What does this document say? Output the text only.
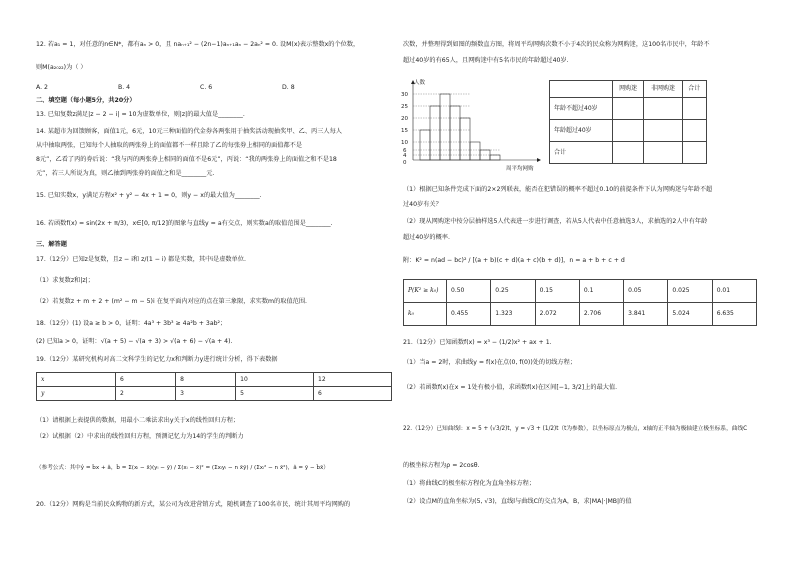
12. 若a₁ = 1，对任意的n∈N*，都有aₙ > 0，且 naₙ₊₁² − (2n−1)aₙ₊₁aₙ − 2aₙ² = 0. 设M(x)表示整数x的个位数，
则M(a₂₀₂₂)为（ ）
A. 2	B. 4	C. 6	D. 8
二、填空题（每小题5分，共20分）
13. 已知复数z满足|z − 2 − i| = 10为虚数单位，则|z|的最大值是________.
14. 某超市为回馈顾客，面值1元，6元，10元三种面值的代金券各两张用于抽奖活动现抽奖甲、乙、丙三人每人
从中抽取两张，已知每个人抽取的两张券上的面值都不一样且除了乙的每张券上相同的面值都不是
8元”，乙看了丙的券后说：“我与丙的两张券上相同的面值不是6元”，丙说：“我的两张券上的面值之和不是18
元”，若三人所说为真，则乙抽到两张券的面值之和是________元.
15. 已知实数x，y满足方程x² + y² − 4x + 1 = 0，则y − x的最大值为________.
16. 若函数f(x) = sin(2x + π/3)，x∈[0, π/12]的图象与直线y = a有交点，则实数a的取值范围是________.
三、解答题
17.（12分）已知z是复数，且z − i和 z/(1 − i) 都是实数，其中i是虚数单位.
（1）求复数z和|z|；
（2）若复数z + m + 2 + (m² − m − 5)i 在复平面内对应的点在第三象限，求实数m的取值范围.
18.（12分）(1) 设a ≥ b > 0，证明：4a³ + 3b³ ≥ 4a²b + 3ab²；
(2) 已知a > 0，证明：√(a + 5) − √(a + 3) > √(a + 6) − √(a + 4).
19.（12分）某研究机构对高二文科学生的记忆力x和判断力y进行统计分析，得下表数据
x	6	8	10	12
y	2	3	5	6
（1）请根据上表提供的数据，用最小二乘法求出y关于x的线性回归方程；
（2）试根据（2）中求出的线性回归方程，预测记忆力为14的学生的判断力
（参考公式：其中ŷ = b̂x + â，b̂ = Σ(xᵢ − x̄)(yᵢ − ȳ) / Σ(xᵢ − x̄)² = (Σxᵢyᵢ − n x̄ȳ) / (Σxᵢ² − n x̄²)，â = ȳ − b̂x̄）
20.（12分）网购是当前民众购物的新方式，某公司为改进营销方式，随机调查了100名市民，统计其周平均网购的
次数，并整理得到如图的频数直方图，将周平均网购次数不小于4次的民众称为网购迷，这100名市民中，年龄不
超过40岁的有65人，且网购迷中有5名市民的年龄超过40岁.
人数
30
25
20
15
10
6
4
0
周平均网购
	网购迷	非网购迷	合计
年龄不超过40岁			
年龄超过40岁			
合计			
（1）根据已知条件完成下面的2×2列联表，能否在犯错误的概率不超过0.10的前提条件下认为网购迷与年龄不超
过40岁有关？
（2）现从网购迷中按分层抽样选5人代表进一步进行调查，若从5人代表中任意抽选3人，求抽选的2人中有年龄
超过40岁的概率.
附：K² = n(ad − bc)² / [(a + b)(c + d)(a + c)(b + d)]，n = a + b + c + d
P(K² ≥ k₀)	0.50	0.25	0.15	0.1	0.05	0.025	0.01
k₀	0.455	1.323	2.072	2.706	3.841	5.024	6.635
21.（12分）已知函数f(x) = x³ − (1/2)x² + ax + 1.
（1）当a = 2时，求曲线y = f(x)在点(0, f(0))处的切线方程；
（2）若函数f(x)在x = 1处有极小值，求函数f(x)在区间[−1, 3/2]上的最大值.
22.（12分）已知曲线l：x = 5 + (√3/2)t，y = √3 + (1/2)t（t为参数），以坐标原点为极点，x轴的正半轴为极轴建立极坐标系，曲线C
的极坐标方程为ρ = 2cosθ.
（1）将曲线C的极坐标方程化为直角坐标方程；
（2）设点M的直角坐标为(5, √3)，直线l与曲线C的交点为A，B，求|MA|·|MB|的值
